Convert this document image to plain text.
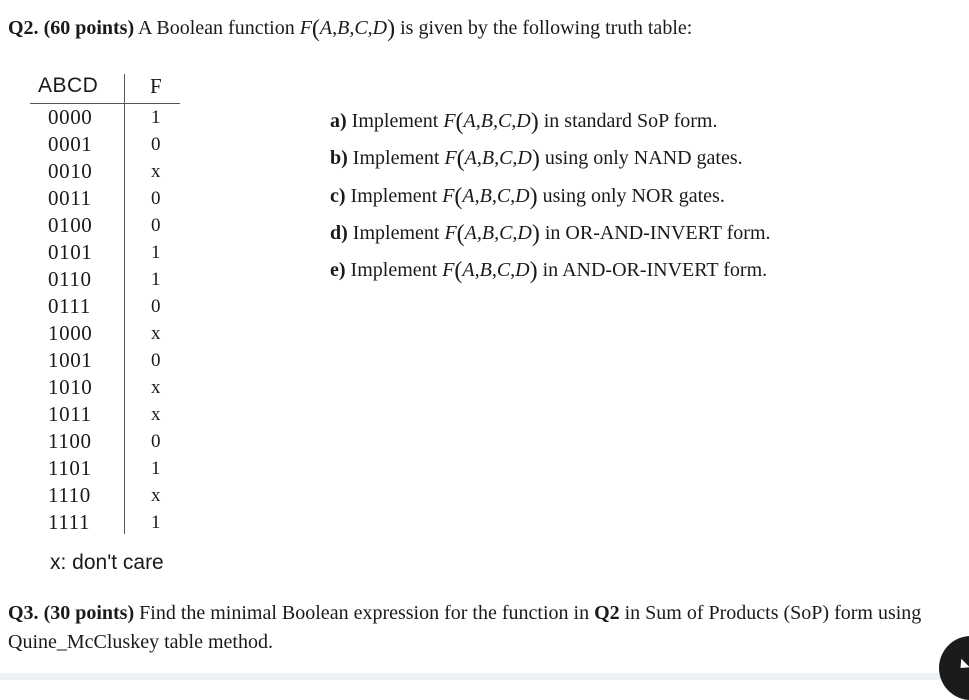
Q2. (60 points) A Boolean function F(A,B,C,D) is given by the following truth table:
ABCD F
0000	1
0001	0
0010	x
0011	0
0100	0
0101	1
0110	1
0111	0
1000	x
1001	0
1010	x
1011	x
1100	0
1101	1
1110	x
1111	1
x: don't care
a) Implement F(A,B,C,D) in standard SoP form.
b) Implement F(A,B,C,D) using only NAND gates.
c) Implement F(A,B,C,D) using only NOR gates.
d) Implement F(A,B,C,D) in OR-AND-INVERT form.
e) Implement F(A,B,C,D) in AND-OR-INVERT form.
Q3. (30 points) Find the minimal Boolean expression for the function in Q2 in Sum of Products (SoP) form using Quine_McCluskey table method.
